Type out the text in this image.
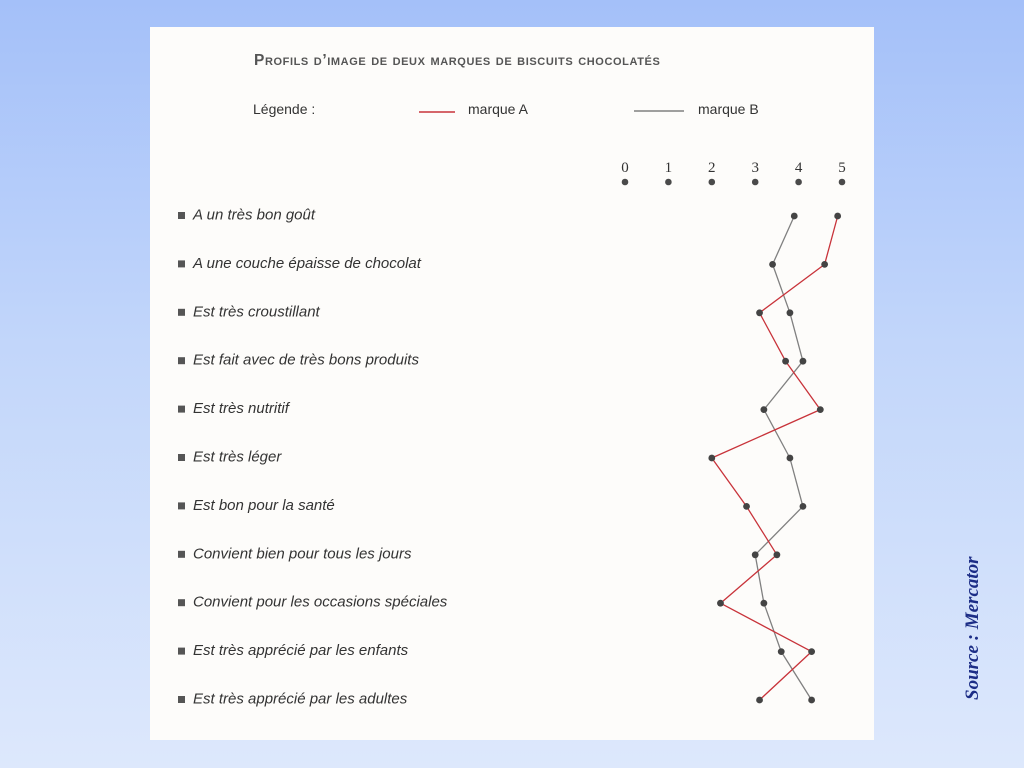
Profils d’image de deux marques de biscuits chocolatés
Légende :	marque A	marque B
0 1 2 3 4 5
A un très bon goût
A une couche épaisse de chocolat
Est très croustillant
Est fait avec de très bons produits
Est très nutritif
Est très léger
Est bon pour la santé
Convient bien pour tous les jours
Convient pour les occasions spéciales
Est très apprécié par les enfants
Est très apprécié par les adultes	Source : Mercator
